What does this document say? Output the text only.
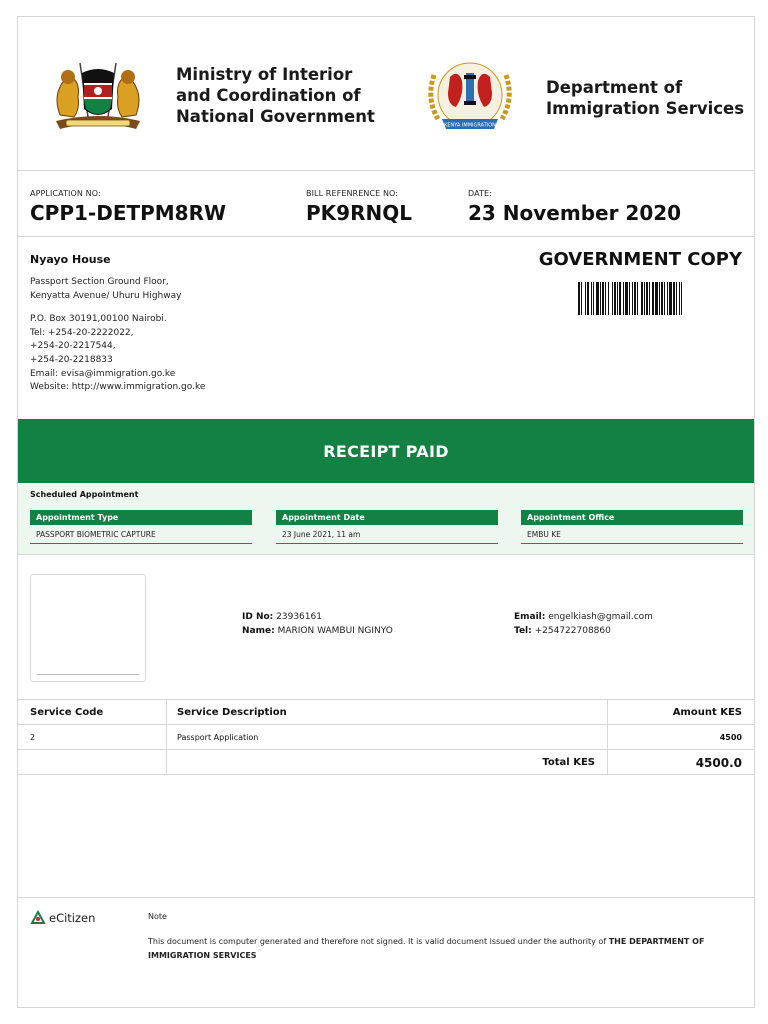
Ministry of Interior
and Coordination of
National Government	KENYA IMMIGRATION
Department of
Immigration Services
APPLICATION NO:
CPP1-DETPM8RW
BILL REFENRENCE NO:
PK9RNQL
DATE:
23 November 2020
Nyayo House
Passport Section Ground Floor,
Kenyatta Avenue/ Uhuru Highway
P.O. Box 30191,00100 Nairobi.
Tel: +254-20-2222022,
+254-20-2217544,
+254-20-2218833
Email: evisa@immigration.go.ke
Website: http://www.immigration.go.ke
GOVERNMENT COPY
RECEIPT PAID
Scheduled Appointment
Appointment Type
PASSPORT BIOMETRIC CAPTURE
Appointment Date
23 June 2021, 11 am
Appointment Office
EMBU KE
ID No: 23936161
Name: MARION WAMBUI NGINYO
Email: engelkiash@gmail.com
Tel: +254722708860
Service Code	Service Description	Amount KES
2	Passport Application	4500
Total KES	4500.0
eCitizen	Note
This document is computer generated and therefore not signed. It is valid document issued under the authority of THE DEPARTMENT OF IMMIGRATION SERVICES
